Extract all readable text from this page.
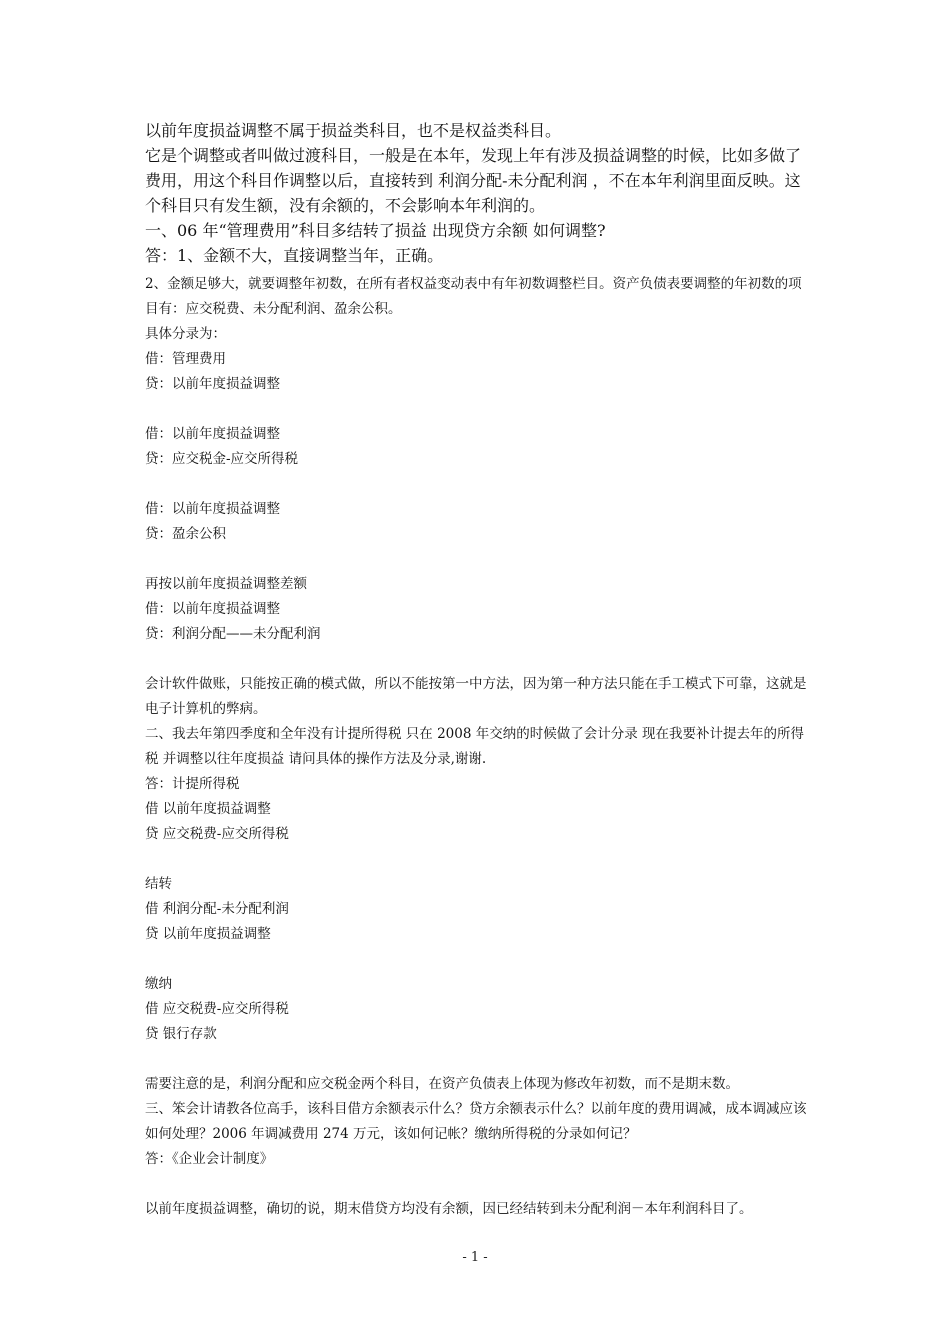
以前年度损益调整不属于损益类科目，也不是权益类科目。

它是个调整或者叫做过渡科目，一般是在本年，发现上年有涉及损益调整的时候，比如多做了费用，用这个科目作调整以后，直接转到 利润分配-未分配利润 ，不在本年利润里面反映。这个科目只有发生额，没有余额的，不会影响本年利润的。

一、06 年“管理费用”科目多结转了损益 出现贷方余额 如何调整?

答：1、金额不大，直接调整当年，正确。

2、金额足够大，就要调整年初数，在所有者权益变动表中有年初数调整栏目。资产负债表要调整的年初数的项目有：应交税费、未分配利润、盈余公积。

具体分录为：

借：管理费用

贷：以前年度损益调整

借：以前年度损益调整

贷：应交税金-应交所得税

借：以前年度损益调整

贷：盈余公积

再按以前年度损益调整差额

借：以前年度损益调整

贷：利润分配——未分配利润

会计软件做账，只能按正确的模式做，所以不能按第一中方法，因为第一种方法只能在手工模式下可靠，这就是电子计算机的弊病。

二、我去年第四季度和全年没有计提所得税 只在 2008 年交纳的时候做了会计分录 现在我要补计提去年的所得税 并调整以往年度损益 请问具体的操作方法及分录,谢谢.

答：计提所得税

借 以前年度损益调整

贷 应交税费-应交所得税

结转

借 利润分配-未分配利润

贷 以前年度损益调整

缴纳

借 应交税费-应交所得税

贷 银行存款

需要注意的是，利润分配和应交税金两个科目，在资产负债表上体现为修改年初数，而不是期末数。

三、笨会计请教各位高手，该科目借方余额表示什么？贷方余额表示什么？以前年度的费用调减，成本调减应该如何处理？2006 年调减费用 274 万元，该如何记帐？缴纳所得税的分录如何记？

答：《企业会计制度》

以前年度损益调整，确切的说，期末借贷方均没有余额，因已经结转到未分配利润－本年利润科目了。

- 1 -
